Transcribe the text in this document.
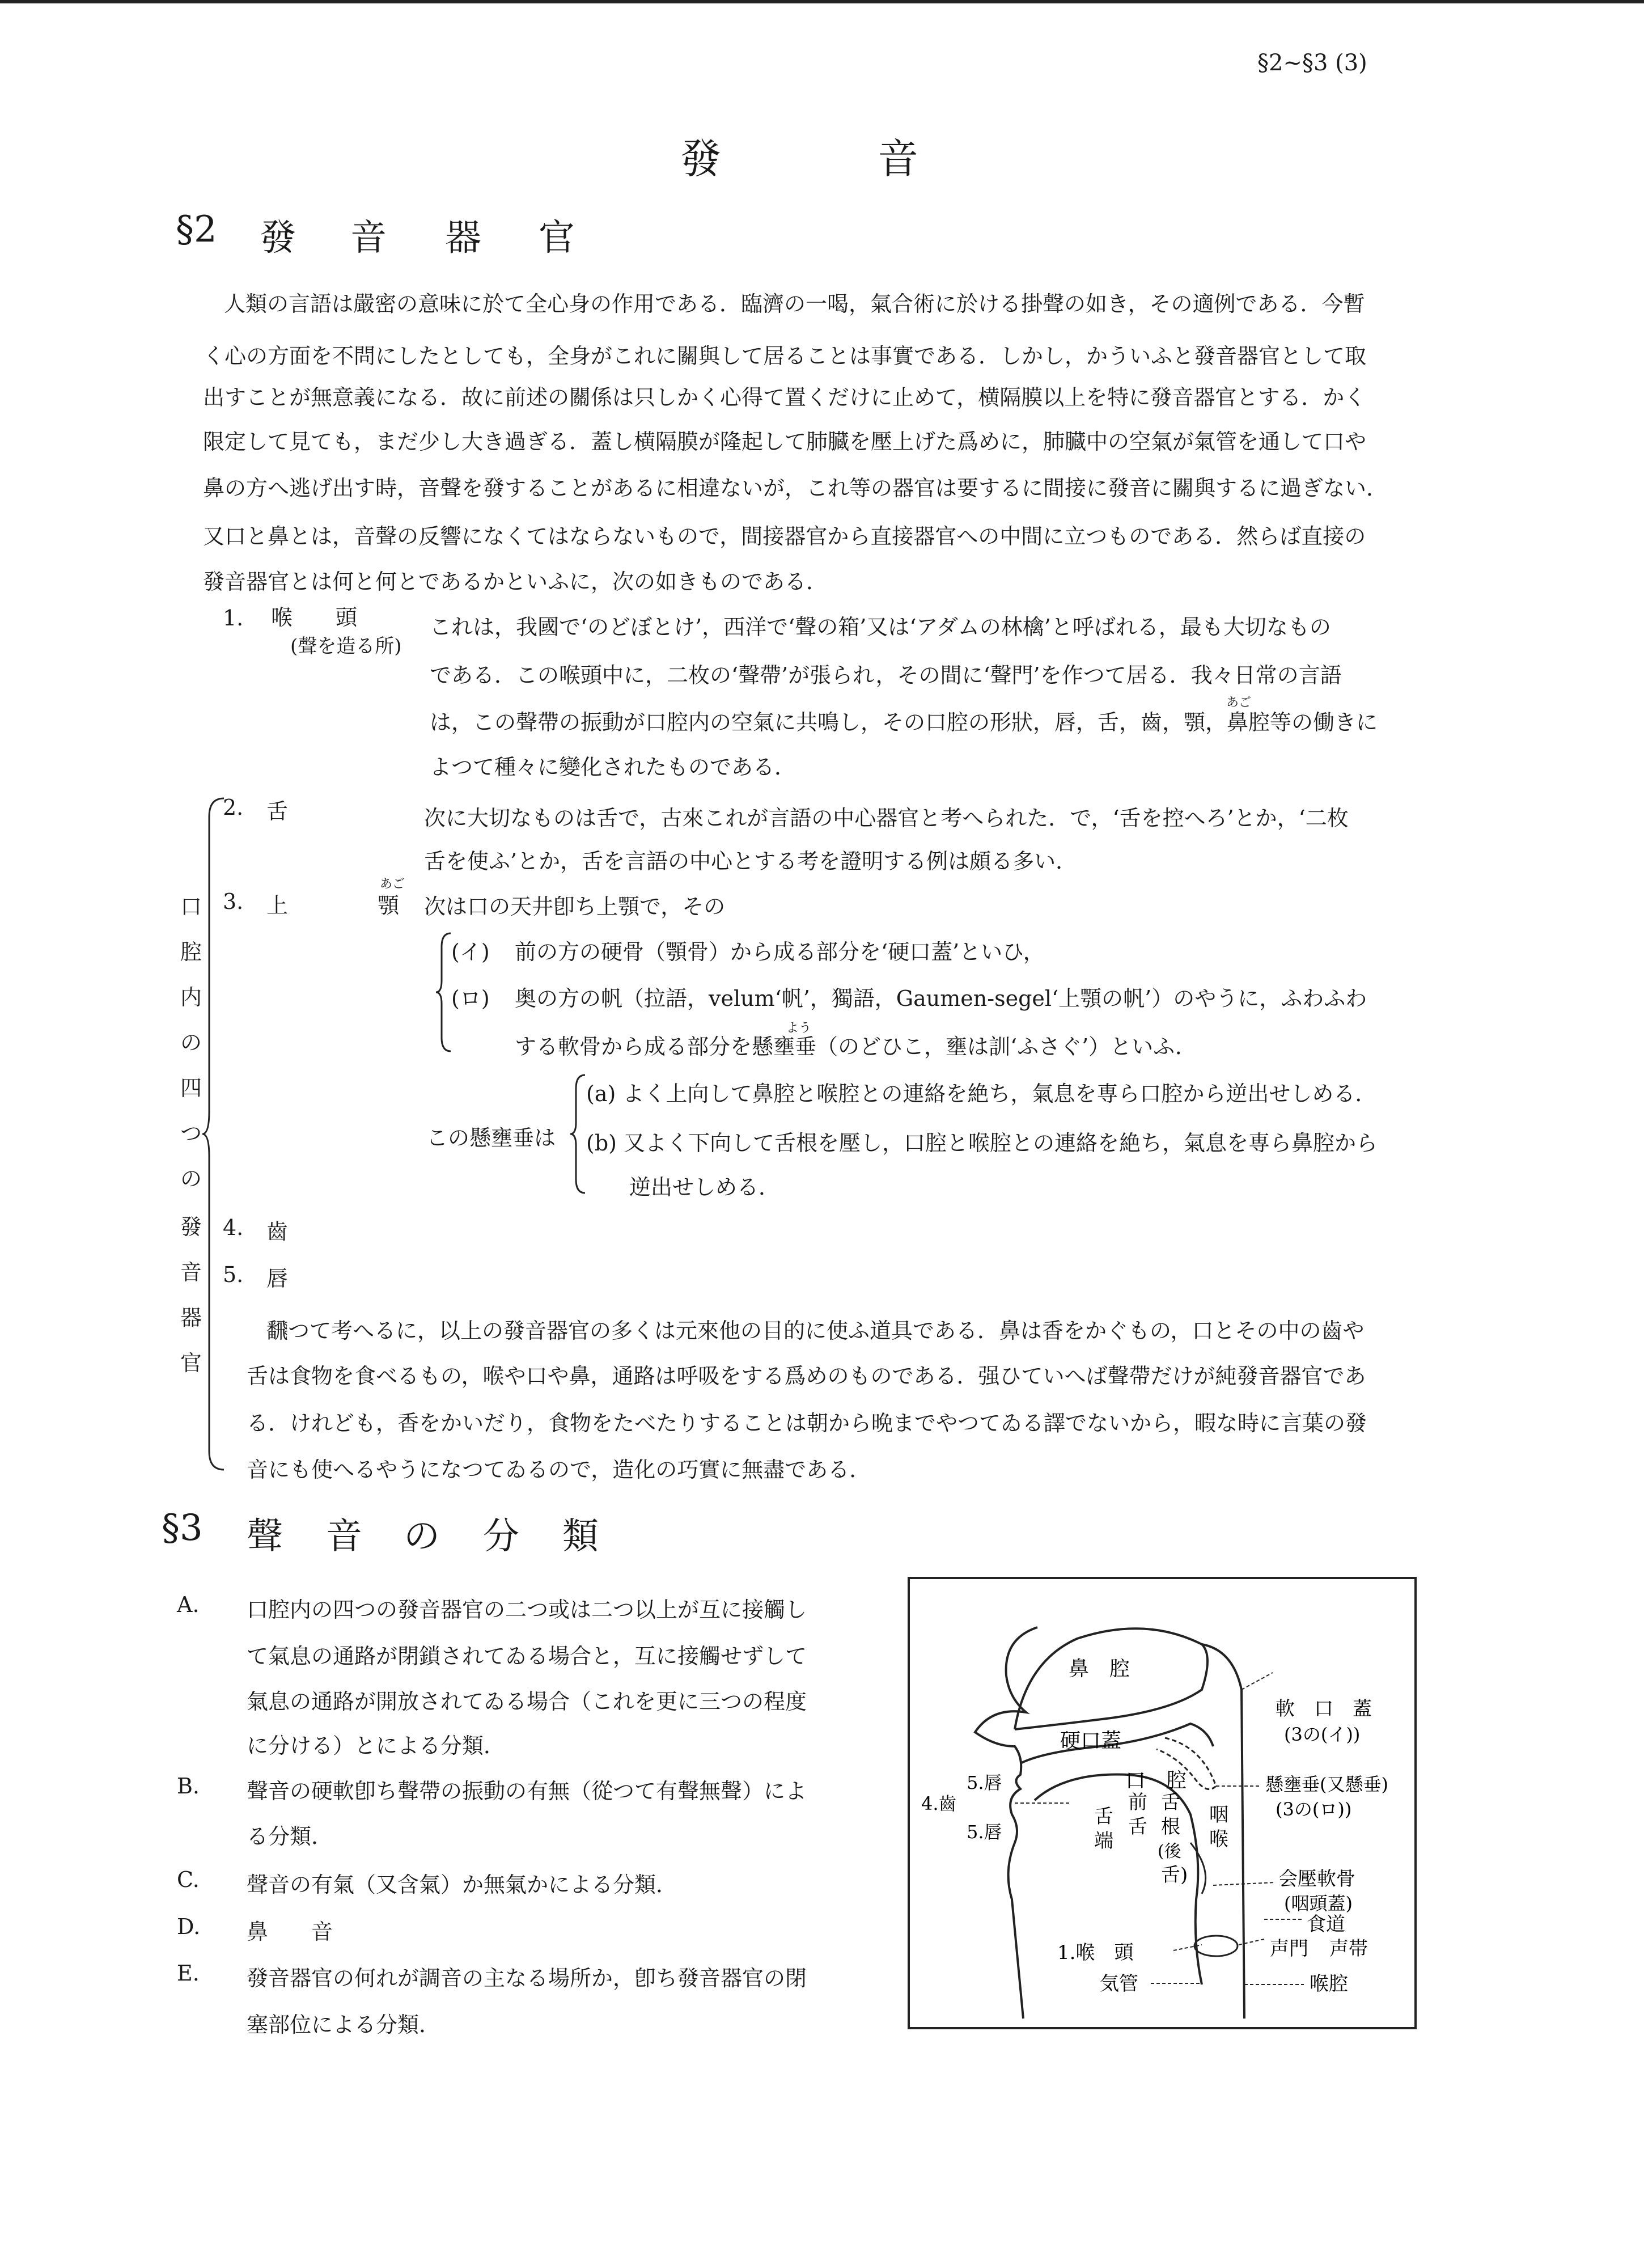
§2~§3 (3)
發	音
§2 發 音 器 官
人類の言語は嚴密の意味に於て全心身の作用である．臨濟の一喝，氣合術に於ける掛聲の如き，その適例である．今暫
く心の方面を不問にしたとしても，全身がこれに關與して居ることは事實である．しかし，かういふと發音器官として取
出すことが無意義になる．故に前述の關係は只しかく心得て置くだけに止めて，横隔膜以上を特に發音器官とする．かく
限定して見ても，まだ少し大き過ぎる．蓋し横隔膜が隆起して肺臓を壓上げた爲めに，肺臓中の空氣が氣管を通して口や
鼻の方へ逃げ出す時，音聲を發することがあるに相違ないが，これ等の器官は要するに間接に發音に關與するに過ぎない．
又口と鼻とは，音聲の反響になくてはならないもので，間接器官から直接器官への中間に立つものである．然らば直接の
發音器官とは何と何とであるかといふに，次の如きものである．
1. 喉　　頭
(聲を造る所)
これは，我國で‘のどぼとけ’，西洋で‘聲の箱’又は‘アダムの林檎’と呼ばれる，最も大切なもの
である．この喉頭中に，二枚の‘聲帶’が張られ，その間に‘聲門’を作つて居る．我々日常の言語
あご
は，この聲帶の振動が口腔内の空氣に共鳴し，その口腔の形狀，唇，舌，齒，顎，鼻腔等の働きに
よつて種々に變化されたものである．
口
腔
内
の
四
つ
の
發
音
器
官
2. 舌	次に大切なものは舌で，古來これが言語の中心器官と考へられた．で，‘舌を控へろ’とか，‘二枚
舌を使ふ’とか，舌を言語の中心とする考を證明する例は頗る多い．
3. 上
あご
顎 次は口の天井卽ち上顎で，その
(イ) 前の方の硬骨（顎骨）から成る部分を‘硬口蓋’といひ，
(ロ) 奥の方の帆（拉語，velum‘帆’，獨語，Gaumen-segel‘上顎の帆’）のやうに，ふわふわ
よう
する軟骨から成る部分を懸壅垂（のどひこ，壅は訓‘ふさぐ’）といふ．
この懸壅垂は
(a) よく上向して鼻腔と喉腔との連絡を絶ち，氣息を専ら口腔から逆出せしめる．
(b) 又よく下向して舌根を壓し，口腔と喉腔との連絡を絶ち，氣息を専ら鼻腔から
逆出せしめる．
4. 齒
5. 唇
飜つて考へるに，以上の發音器官の多くは元來他の目的に使ふ道具である．鼻は香をかぐもの，口とその中の齒や
舌は食物を食べるもの，喉や口や鼻，通路は呼吸をする爲めのものである．强ひていへば聲帶だけが純發音器官であ
る．けれども，香をかいだり，食物をたべたりすることは朝から晩までやつてゐる譯でないから，暇な時に言葉の發
音にも使へるやうになつてゐるので，造化の巧實に無盡である．
§3 聲 音 の 分 類
A. 口腔内の四つの發音器官の二つ或は二つ以上が互に接觸し
て氣息の通路が閉鎖されてゐる場合と，互に接觸せずして
氣息の通路が開放されてゐる場合（これを更に三つの程度
に分ける）とによる分類．
B. 聲音の硬軟卽ち聲帶の振動の有無（從つて有聲無聲）によ
る分類．
C. 聲音の有氣（又含氣）か無氣かによる分類．
D. 鼻　　音
E. 發音器官の何れが調音の主なる場所か，卽ち發音器官の閉
塞部位による分類．
鼻　腔
硬口蓋
口　腔
軟　口　蓋
(3の(イ))
懸壅垂(又懸垂)
(3の(ロ))
5.唇
4.齒
5.唇
舌
端
前
舌
舌
根
(後
舌)
咽
喉
会壓軟骨
(咽頭蓋)
食道
声門 声帯
1.喉　頭
気管	喉腔
